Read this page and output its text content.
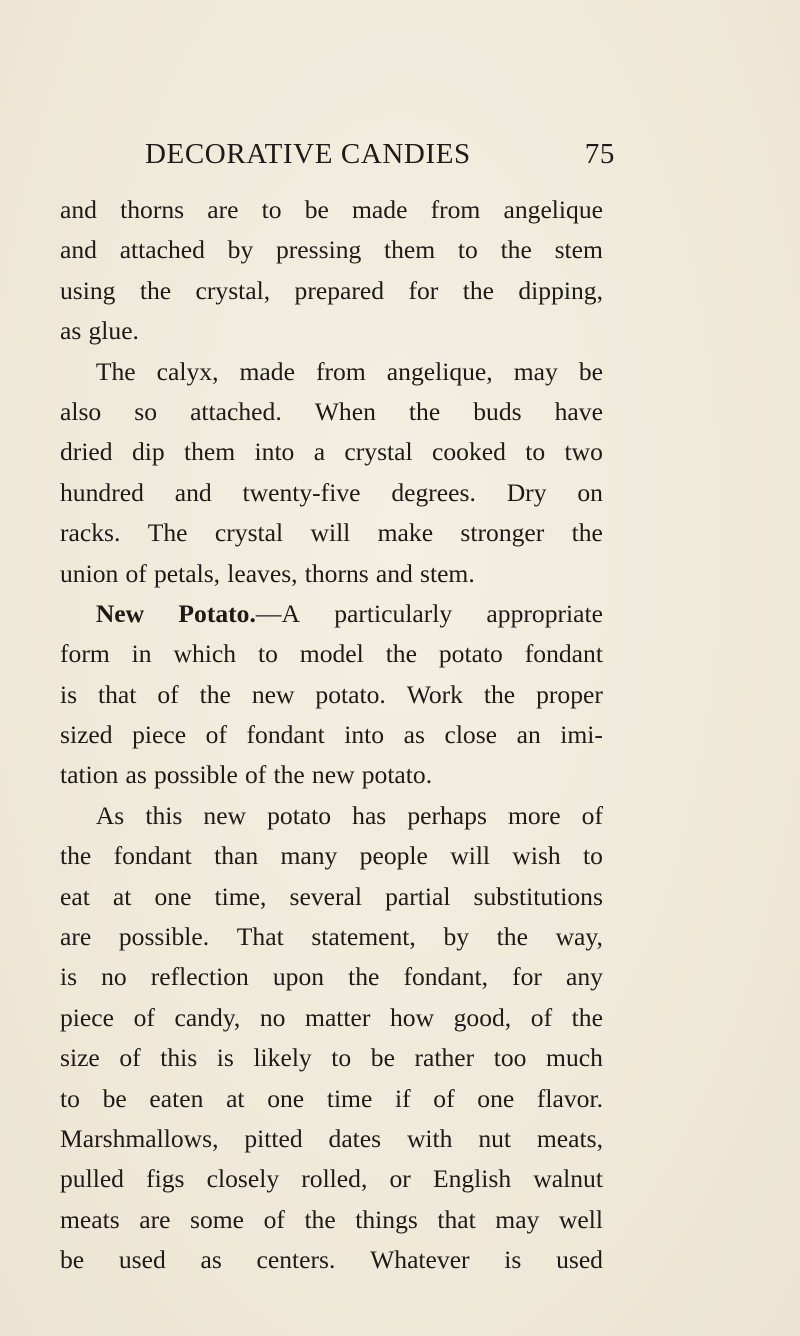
DECORATIVE CANDIES	75
and thorns are to be made from angelique
and attached by pressing them to the stem
using the crystal, prepared for the dipping,
as glue.
The calyx, made from angelique, may be
also so attached. When the buds have
dried dip them into a crystal cooked to two
hundred and twenty-five degrees. Dry on
racks. The crystal will make stronger the
union of petals, leaves, thorns and stem.
New Potato.—A particularly appropriate
form in which to model the potato fondant
is that of the new potato. Work the proper
sized piece of fondant into as close an imi-
tation as possible of the new potato.
As this new potato has perhaps more of
the fondant than many people will wish to
eat at one time, several partial substitutions
are possible. That statement, by the way,
is no reflection upon the fondant, for any
piece of candy, no matter how good, of the
size of this is likely to be rather too much
to be eaten at one time if of one flavor.
Marshmallows, pitted dates with nut meats,
pulled figs closely rolled, or English walnut
meats are some of the things that may well
be used as centers. Whatever is used
